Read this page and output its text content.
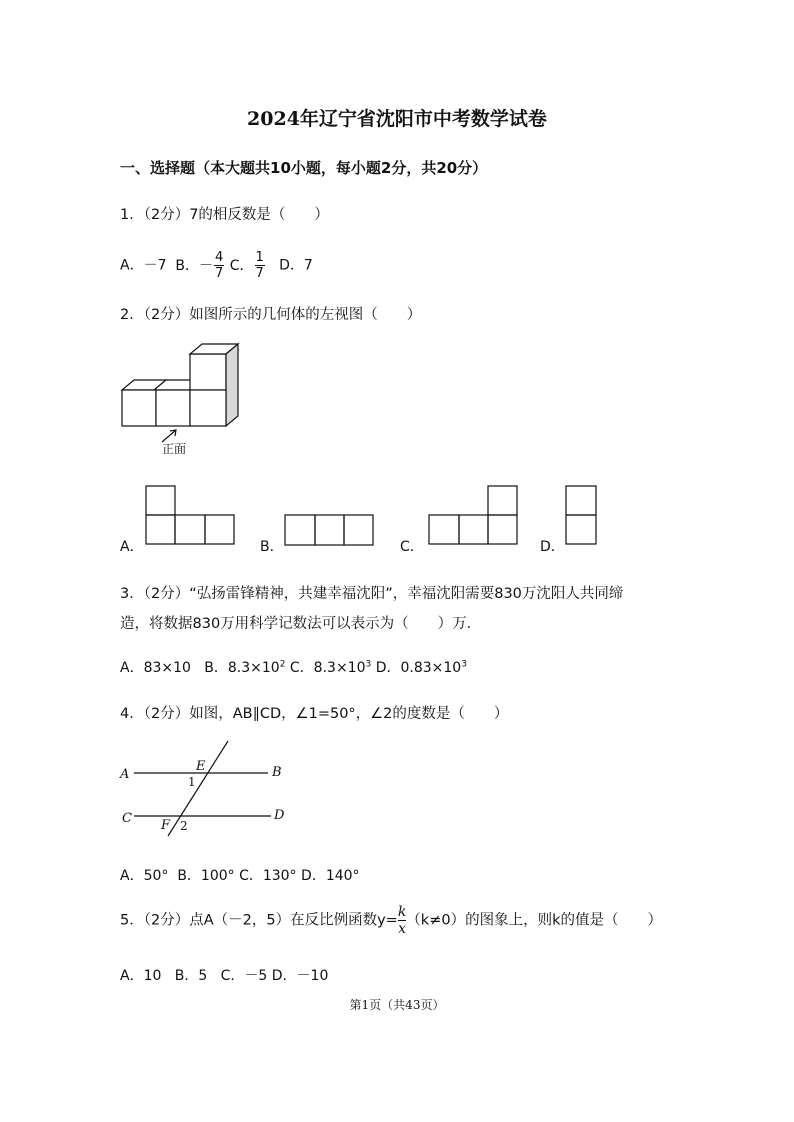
2024年辽宁省沈阳市中考数学试卷
一、选择题（本大题共10小题，每小题2分，共20分）
1．（2分）7的相反数是（　　）
A．－7 B．－ $\frac{4}{7}$ C． $\frac{1}{7}$ D．7
2．（2分）如图所示的几何体的左视图（　　）
正面
A．	B．	C．	D．
3．（2分）“弘扬雷锋精神，共建幸福沈阳”，幸福沈阳需要830万沈阳人共同缔
造，将数据830万用科学记数法可以表示为（　　）万．
A．83×10 B．$8.3\times 10^2$ C．$8.3\times 10^3$ D．$0.83\times 10^3$
4．（2分）如图，AB∥CD，∠1=50°，∠2的度数是（　　）
A	B
C	D
E
F
1
2
A．50° B．100° C．130° D．140°
5．（2分）点A（－2，5）在反比例函数$y= \frac{k}{x} (k\ne 0)$的图象上，则k的值是（　　）
A．10 B．5 C．－5 D．－10
第1页（共43页）
